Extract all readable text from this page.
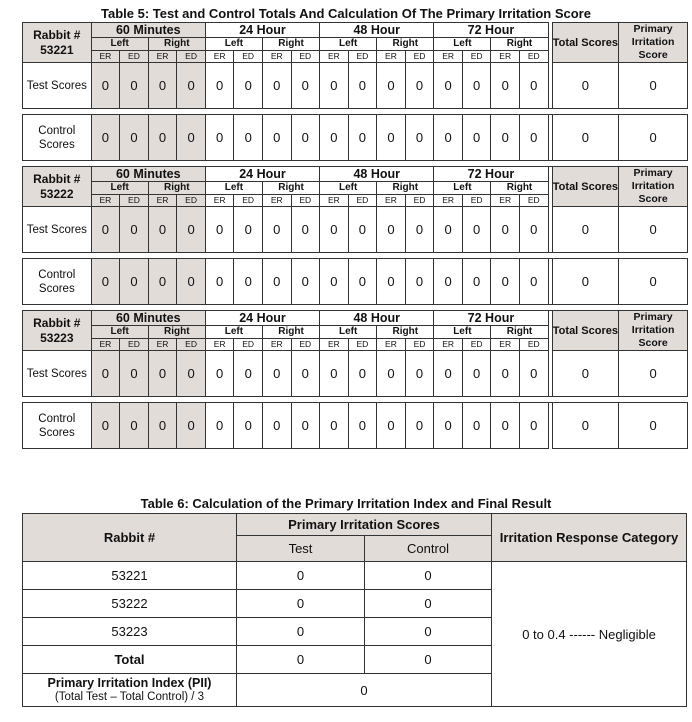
Table 5: Test and Control Totals And Calculation Of The Primary Irritation Score
Rabbit #
53221	60 Minutes				24 Hour				48 Hour				72 Hour					Total Scores	Primary Irritation Score
	Left		Right		Left		Right		Left		Right		Left		Right				
	ER	ED	ER	ED	ER	ED	ER	ED	ER	ED	ER	ED	ER	ED	ER	ED			
Test Scores	0	0	0	0	0	0	0	0	0	0	0	0	0	0	0	0		0	0

Control Scores	0	0	0	0	0	0	0	0	0	0	0	0	0	0	0	0		0	0

Rabbit #
53222	60 Minutes				24 Hour				48 Hour				72 Hour					Total Scores	Primary Irritation Score
	Left		Right		Left		Right		Left		Right		Left		Right				
	ER	ED	ER	ED	ER	ED	ER	ED	ER	ED	ER	ED	ER	ED	ER	ED			
Test Scores	0	0	0	0	0	0	0	0	0	0	0	0	0	0	0	0		0	0

Control Scores	0	0	0	0	0	0	0	0	0	0	0	0	0	0	0	0		0	0

Rabbit #
53223	60 Minutes				24 Hour				48 Hour				72 Hour					Total Scores	Primary Irritation Score
	Left		Right		Left		Right		Left		Right		Left		Right				
	ER	ED	ER	ED	ER	ED	ER	ED	ER	ED	ER	ED	ER	ED	ER	ED			
Test Scores	0	0	0	0	0	0	0	0	0	0	0	0	0	0	0	0		0	0

Control Scores	0	0	0	0	0	0	0	0	0	0	0	0	0	0	0	0		0	0
Table 6: Calculation of the Primary Irritation Index and Final Result
Rabbit #	Primary Irritation Scores		Irritation Response Category
	Test	Control	
53221	0	0	0 to 0.4 ------ Negligible
53222	0	0	
53223	0	0	
Total	0	0	

Primary Irritation Index (PII)
(Total Test – Total Control) / 3	0		
